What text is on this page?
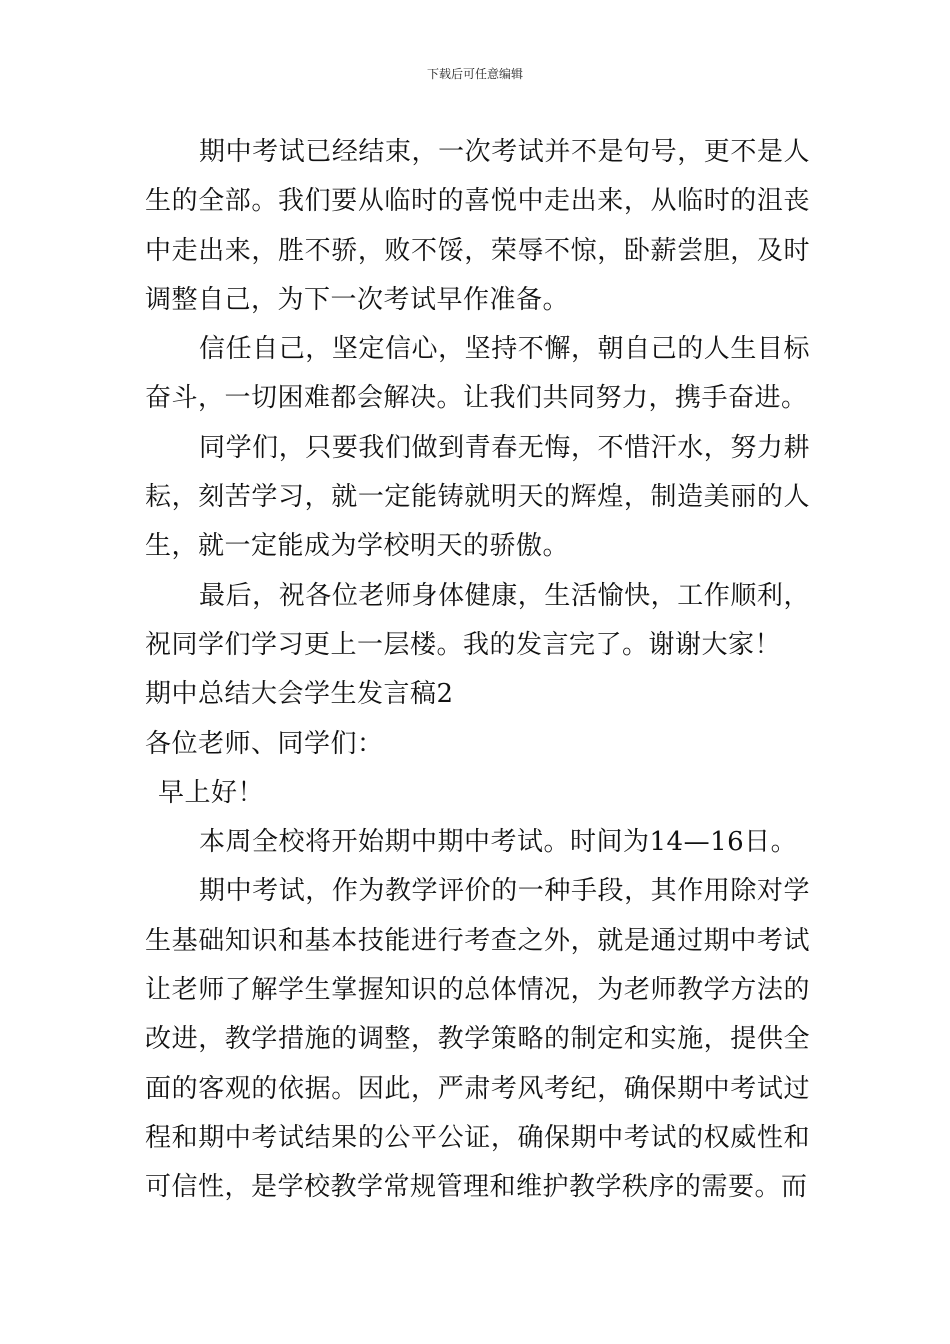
下载后可任意编辑

期中考试已经结束，一次考试并不是句号，更不是人生的全部。我们要从临时的喜悦中走出来，从临时的沮丧中走出来，胜不骄，败不馁，荣辱不惊，卧薪尝胆，及时调整自己，为下一次考试早作准备。

信任自己，坚定信心，坚持不懈，朝自己的人生目标奋斗，一切困难都会解决。让我们共同努力，携手奋进。

同学们，只要我们做到青春无悔，不惜汗水，努力耕耘，刻苦学习，就一定能铸就明天的辉煌，制造美丽的人生，就一定能成为学校明天的骄傲。

最后，祝各位老师身体健康，生活愉快，工作顺利，祝同学们学习更上一层楼。我的发言完了。谢谢大家！

期中总结大会学生发言稿2

各位老师、同学们：

早上好！

本周全校将开始期中期中考试。时间为14—16日。

期中考试，作为教学评价的一种手段，其作用除对学生基础知识和基本技能进行考查之外，就是通过期中考试让老师了解学生掌握知识的总体情况，为老师教学方法的改进，教学措施的调整，教学策略的制定和实施，提供全面的客观的依据。因此，严肃考风考纪，确保期中考试过程和期中考试结果的公平公证，确保期中考试的权威性和可信性，是学校教学常规管理和维护教学秩序的需要。而
